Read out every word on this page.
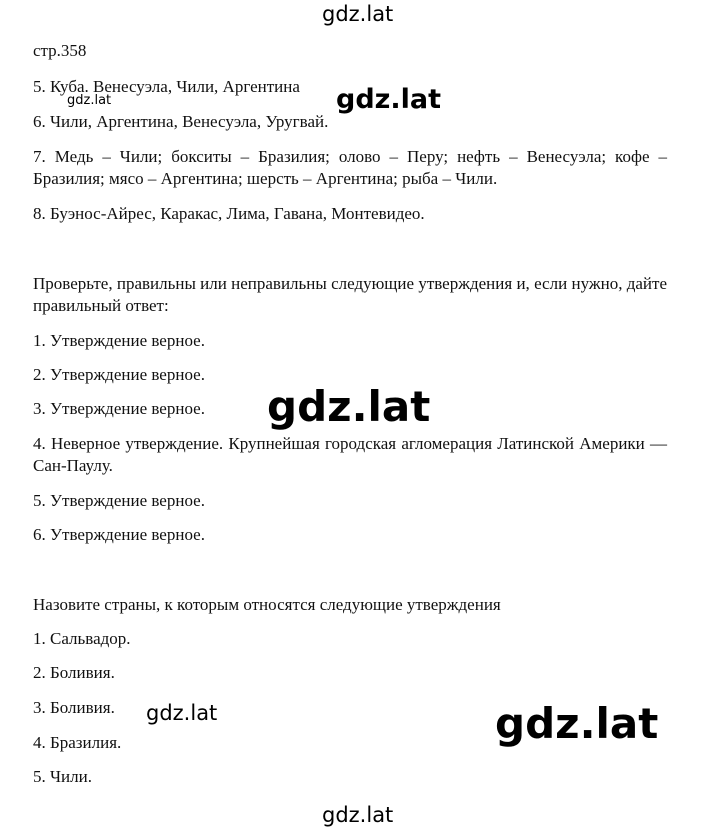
gdz.lat
стр.358
5. Куба. Венесуэла, Чили, Аргентина
gdz.lat	gdz.lat
6. Чили, Аргентина, Венесуэла, Уругвай.
7. Медь – Чили; бокситы – Бразилия; олово – Перу; нефть – Венесуэла; кофе – Бразилия; мясо – Аргентина; шерсть – Аргентина; рыба – Чили.
8. Буэнос-Айрес, Каракас, Лима, Гавана, Монтевидео.
Проверьте, правильны или неправильны следующие утверждения и, если нужно, дайте правильный ответ:
1. Утверждение верное.
2. Утверждение верное.
3. Утверждение верное. gdz.lat
4. Неверное утверждение. Крупнейшая городская агломерация Латинской Америки — Сан-Паулу.
5. Утверждение верное.
6. Утверждение верное.
Назовите страны, к которым относятся следующие утверждения
1. Сальвадор.
2. Боливия.
3. Боливия. gdz.lat	gdz.lat
4. Бразилия.
5. Чили.
gdz.lat
